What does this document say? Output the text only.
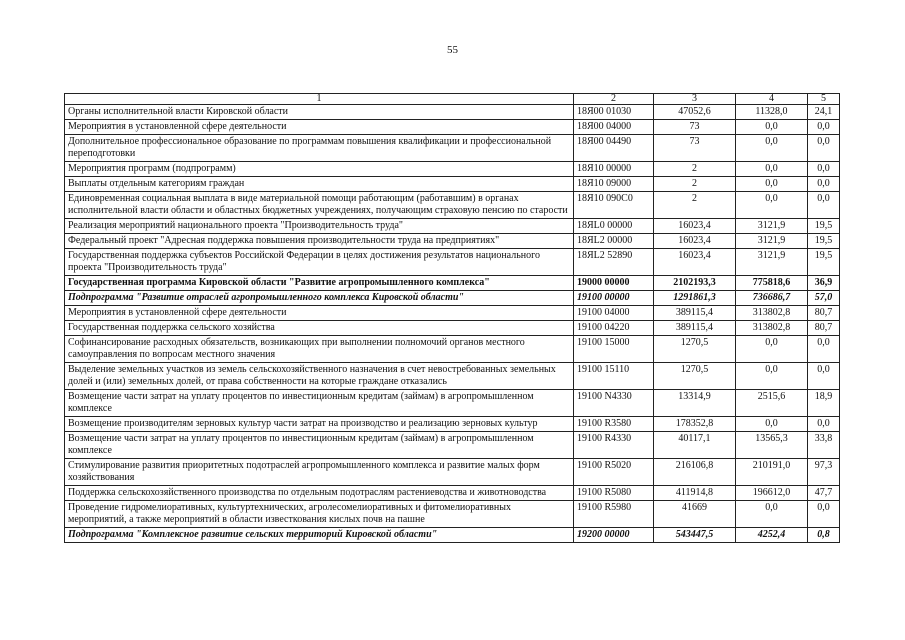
55
1	2	3	4	5
Органы исполнительной власти Кировской области	18Я00 01030	47052,6	11328,0	24,1
Мероприятия в установленной сфере деятельности	18Я00 04000	73	0,0	0,0
Дополнительное профессиональное образование по программам повышения квалификации и профессиональной переподготовки	18Я00 04490	73	0,0	0,0
Мероприятия программ (подпрограмм)	18Я10 00000	2	0,0	0,0
Выплаты отдельным категориям граждан	18Я10 09000	2	0,0	0,0
Единовременная социальная выплата в виде материальной помощи работающим (работавшим) в органах исполнительной власти области и областных бюджетных учреждениях, получающим страховую пенсию по старости	18Я10 090С0	2	0,0	0,0
Реализация мероприятий национального проекта "Производительность труда"	18ЯL0 00000	16023,4	3121,9	19,5
Федеральный проект "Адресная поддержка повышения производительности труда на предприятиях"	18ЯL2 00000	16023,4	3121,9	19,5
Государственная поддержка субъектов Российской Федерации в целях достижения результатов национального проекта "Производительность труда"	18ЯL2 52890	16023,4	3121,9	19,5
Государственная программа Кировской области "Развитие агропромышленного комплекса"	19000 00000	2102193,3	775818,6	36,9
Подпрограмма "Развитие отраслей агропромышленного комплекса Кировской области"	19100 00000	1291861,3	736686,7	57,0
Мероприятия в установленной сфере деятельности	19100 04000	389115,4	313802,8	80,7
Государственная поддержка сельского хозяйства	19100 04220	389115,4	313802,8	80,7
Софинансирование расходных обязательств, возникающих при выполнении полномочий органов местного самоуправления по вопросам местного значения	19100 15000	1270,5	0,0	0,0
Выделение земельных участков из земель сельскохозяйственного назначения в счет невостребованных земельных долей и (или) земельных долей, от права собственности на которые граждане отказались	19100 15110	1270,5	0,0	0,0
Возмещение части затрат на уплату процентов по инвестиционным кредитам (займам) в агропромышленном комплексе	19100 N4330	13314,9	2515,6	18,9
Возмещение производителям зерновых культур части затрат на производство и реализацию зерновых культур	19100 R3580	178352,8	0,0	0,0
Возмещение части затрат на уплату процентов по инвестиционным кредитам (займам) в агропромышленном комплексе	19100 R4330	40117,1	13565,3	33,8
Стимулирование развития приоритетных подотраслей агропромышленного комплекса и развитие малых форм хозяйствования	19100 R5020	216106,8	210191,0	97,3
Поддержка сельскохозяйственного производства по отдельным подотраслям растениеводства и животноводства	19100 R5080	411914,8	196612,0	47,7
Проведение гидромелиоративных, культуртехнических, агролесомелиоративных и фитомелиоративных мероприятий, а также мероприятий в области известкования кислых почв на пашне	19100 R5980	41669	0,0	0,0
Подпрограмма "Комплексное развитие сельских территорий Кировской области"	19200 00000	543447,5	4252,4	0,8
